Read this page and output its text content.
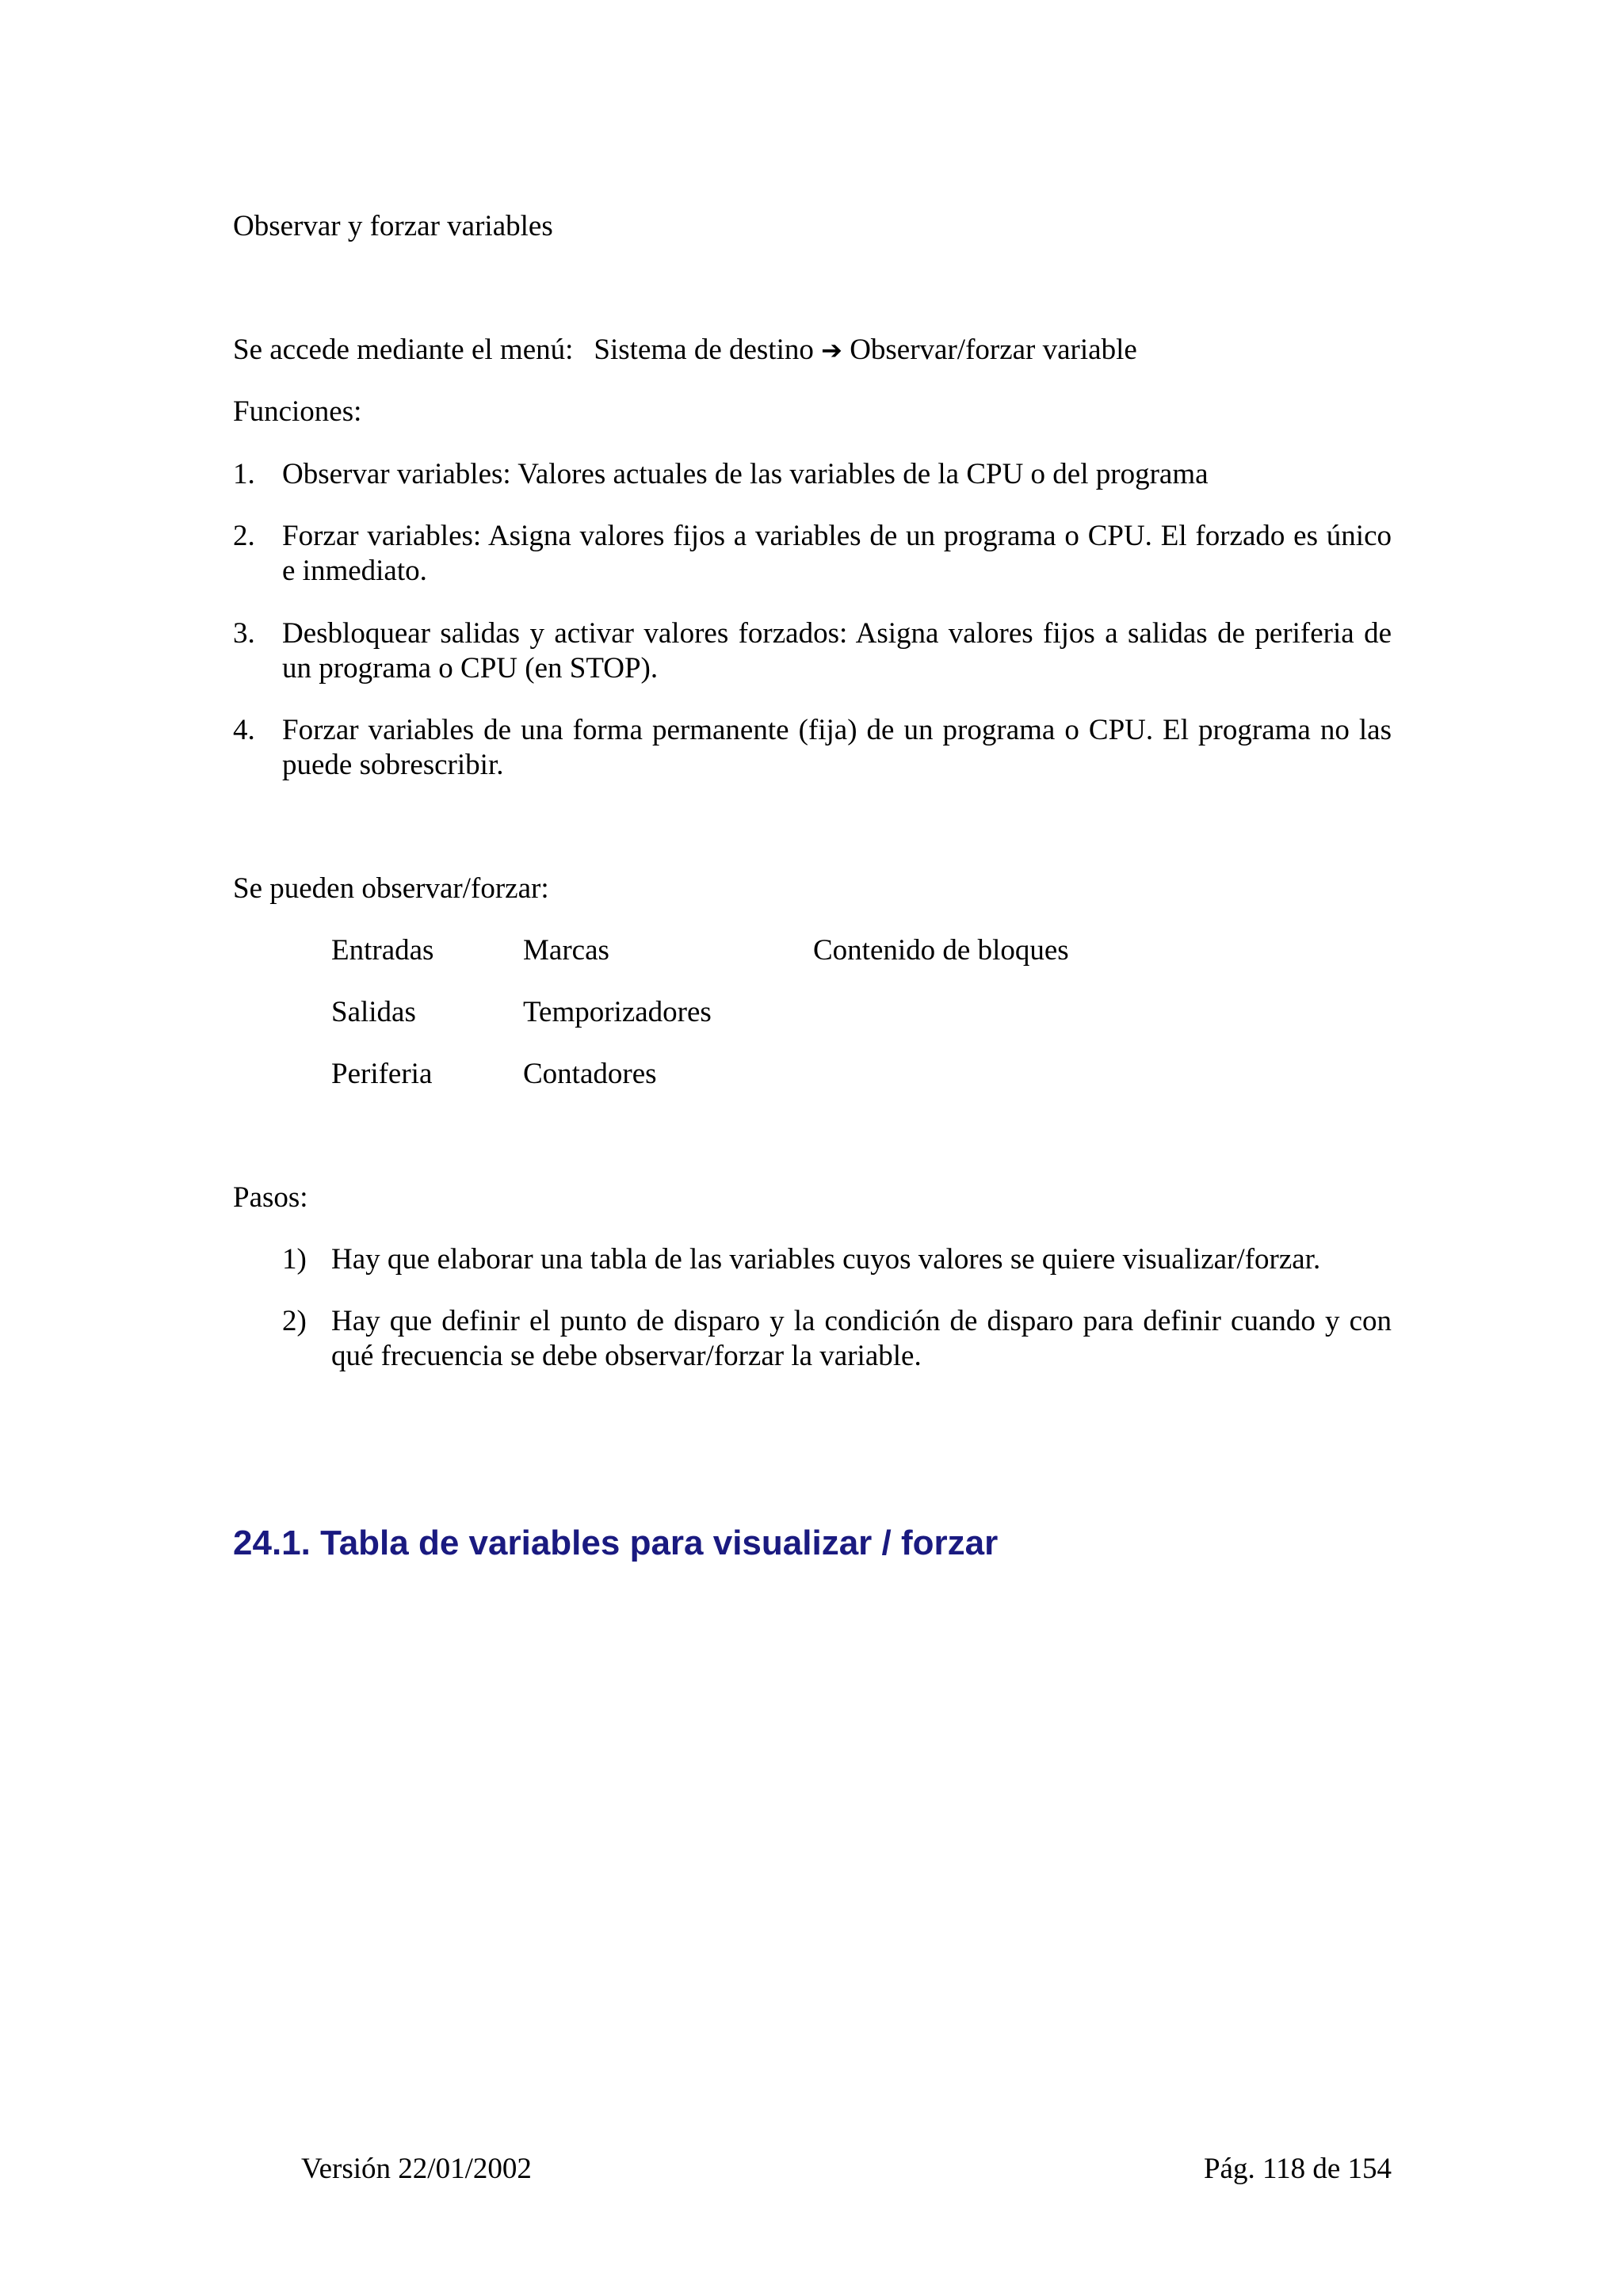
Observar y forzar variables
Se accede mediante el menú: Sistema de destino ➔ Observar/forzar variable
Funciones:
1. Observar variables: Valores actuales de las variables de la CPU o del programa
2. Forzar variables: Asigna valores fijos a variables de un programa o CPU. El forzado es único e inmediato.
3. Desbloquear salidas y activar valores forzados: Asigna valores fijos a salidas de periferia de un programa o CPU (en STOP).
4. Forzar variables de una forma permanente (fija) de un programa o CPU. El programa no las puede sobrescribir.
Se pueden observar/forzar:
Entradas	Marcas	Contenido de bloques
Salidas	Temporizadores
Periferia	Contadores
Pasos:
1) Hay que elaborar una tabla de las variables cuyos valores se quiere visualizar/forzar.
2) Hay que definir el punto de disparo y la condición de disparo para definir cuando y con qué frecuencia se debe observar/forzar la variable.
24.1. Tabla de variables para visualizar / forzar
Versión 22/01/2002	Pág. 118 de 154
